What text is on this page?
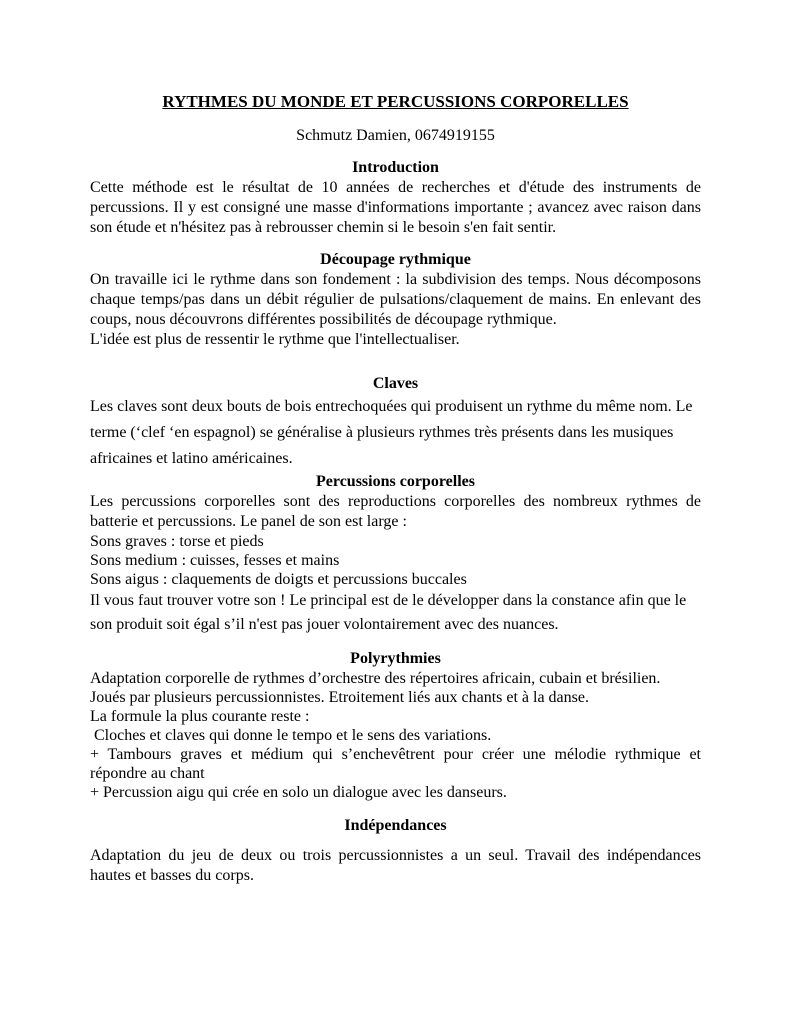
RYTHMES DU MONDE ET PERCUSSIONS CORPORELLES
Schmutz Damien, 0674919155
Introduction

Cette méthode est le résultat de 10 années de recherches et d'étude des instruments de percussions. Il y est consigné une masse d'informations importante ; avancez avec raison dans son étude et n'hésitez pas à rebrousser chemin si le besoin s'en fait sentir.

Découpage rythmique

On travaille ici le rythme dans son fondement : la subdivision des temps. Nous décomposons chaque temps/pas dans un débit régulier de pulsations/claquement de mains. En enlevant des coups, nous découvrons différentes possibilités de découpage rythmique.

L'idée est plus de ressentir le rythme que l'intellectualiser.

Claves

Les claves sont deux bouts de bois entrechoquées qui produisent un rythme du même nom. Le terme (‘clef ‘en espagnol) se généralise à plusieurs rythmes très présents dans les musiques africaines et latino américaines.

Percussions corporelles

Les percussions corporelles sont des reproductions corporelles des nombreux rythmes de batterie et percussions. Le panel de son est large :

Sons graves : torse et pieds

Sons medium : cuisses, fesses et mains

Sons aigus : claquements de doigts et percussions buccales

Il vous faut trouver votre son ! Le principal est de le développer dans la constance afin que le son produit soit égal s’il n'est pas jouer volontairement avec des nuances.

Polyrythmies

Adaptation corporelle de rythmes d’orchestre des répertoires africain, cubain et brésilien.

Joués par plusieurs percussionnistes. Etroitement liés aux chants et à la danse.

La formule la plus courante reste :

Cloches et claves qui donne le tempo et le sens des variations.

+ Tambours graves et médium qui s’enchevêtrent pour créer une mélodie rythmique et répondre au chant

+ Percussion aigu qui crée en solo un dialogue avec les danseurs.

Indépendances

Adaptation du jeu de deux ou trois percussionnistes a un seul. Travail des indépendances hautes et basses du corps.
